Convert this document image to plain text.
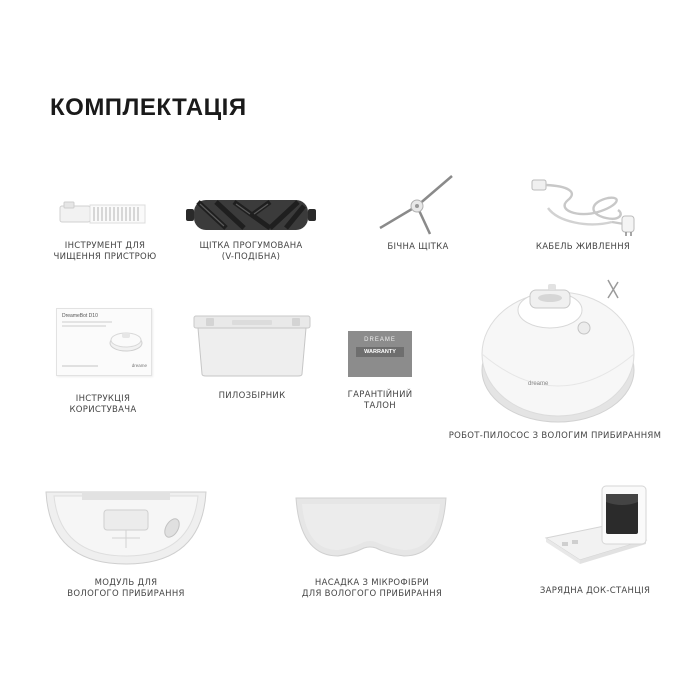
КОМПЛЕКТАЦІЯ
ІНСТРУМЕНТ ДЛЯ
ЧИЩЕННЯ ПРИСТРОЮ
ЩІТКА ПРОГУМОВАНА
(V-ПОДІБНА)
БІЧНА ЩІТКА	КАБЕЛЬ ЖИВЛЕННЯ
DreameBot D10
dreame
ІНСТРУКЦІЯ
КОРИСТУВАЧА
ПИЛОЗБІРНИК
DREAME
WARRANTY
ГАРАНТІЙНИЙ
ТАЛОН
dreame
РОБОТ-ПИЛОСОС З ВОЛОГИМ ПРИБИРАННЯМ
МОДУЛЬ ДЛЯ
ВОЛОГОГО ПРИБИРАННЯ
НАСАДКА З МІКРОФІБРИ
ДЛЯ ВОЛОГОГО ПРИБИРАННЯ	ЗАРЯДНА ДОК-СТАНЦІЯ
